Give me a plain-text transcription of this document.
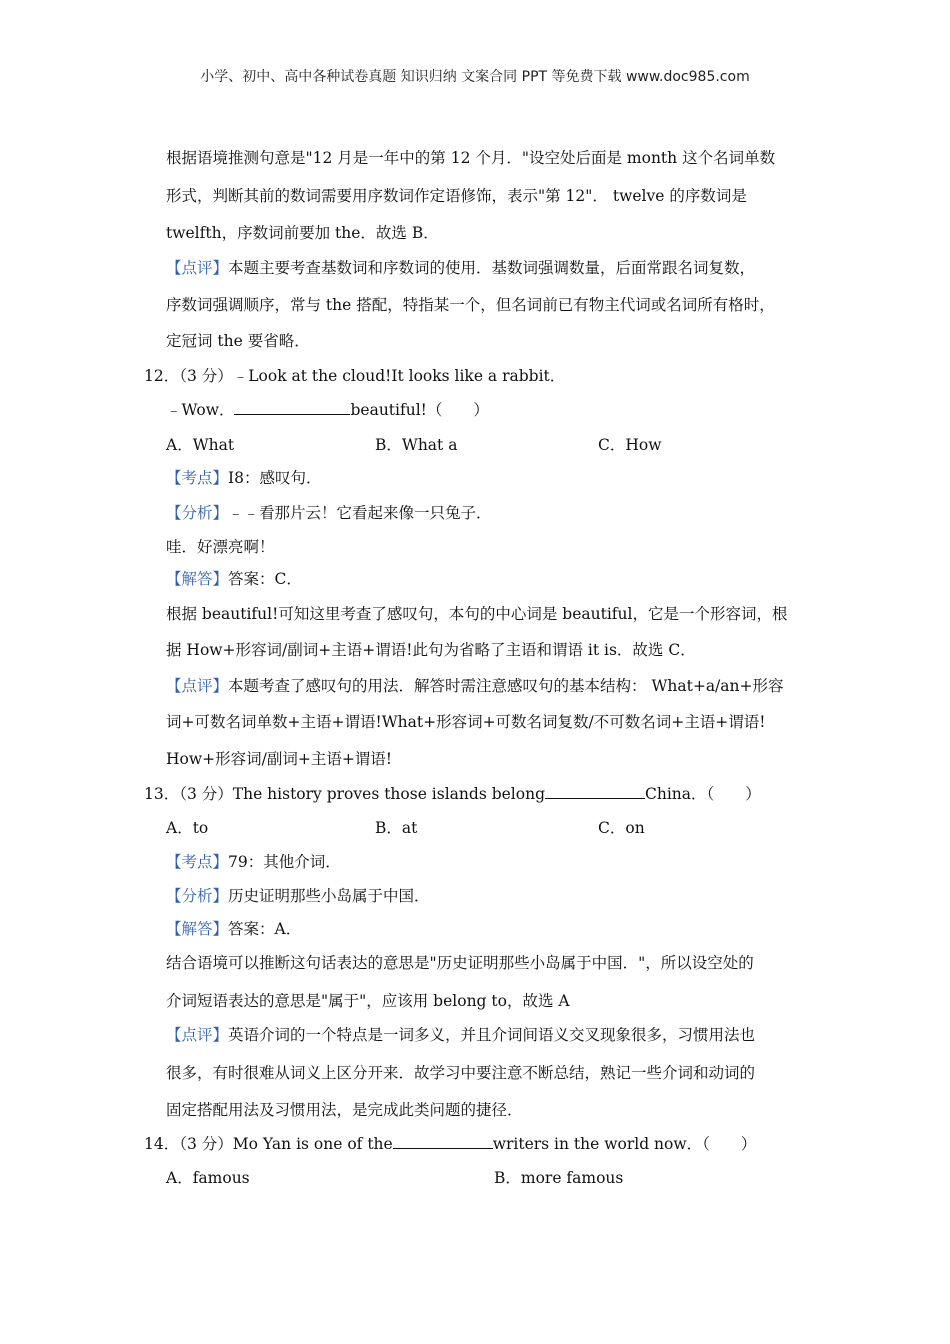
小学、初中、高中各种试卷真题 知识归纳 文案合同 PPT 等免费下载 www.doc985.com
根据语境推测句意是"12 月是一年中的第 12 个月．"设空处后面是 month 这个名词单数
形式，判断其前的数词需要用序数词作定语修饰，表示"第 12"． twelve 的序数词是
twelfth，序数词前要加 the．故选 B．
【点评】本题主要考查基数词和序数词的使用．基数词强调数量，后面常跟名词复数，
序数词强调顺序，常与 the 搭配，特指某一个，但名词前已有物主代词或名词所有格时，
定冠词 the 要省略．
12．（3 分）﹣Look at the cloud!It looks like a rabbit．
﹣Wow．	beautiful!（　　）
A．What	B．What a	C．How
【考点】I8：感叹句．
【分析】﹣﹣看那片云！它看起来像一只兔子．
哇．好漂亮啊！
【解答】答案：C．
根据 beautiful!可知这里考查了感叹句，本句的中心词是 beautiful，它是一个形容词，根
据 How+形容词/副词+主语+谓语!此句为省略了主语和谓语 it is．故选 C．
【点评】本题考查了感叹句的用法．解答时需注意感叹句的基本结构： What+a/an+形容
词+可数名词单数+主语+谓语!What+形容词+可数名词复数/不可数名词+主语+谓语!
How+形容词/副词+主语+谓语!
13．（3 分）The history proves those islands belong	China．（　　）
A．to	B．at	C．on
【考点】79：其他介词．
【分析】历史证明那些小岛属于中国．
【解答】答案：A．
结合语境可以推断这句话表达的意思是"历史证明那些小岛属于中国．"，所以设空处的
介词短语表达的意思是"属于"，应该用 belong to，故选 A
【点评】英语介词的一个特点是一词多义，并且介词间语义交叉现象很多，习惯用法也
很多，有时很难从词义上区分开来．故学习中要注意不断总结，熟记一些介词和动词的
固定搭配用法及习惯用法，是完成此类问题的捷径．
14．（3 分）Mo Yan is one of the	writers in the world now．（　　）
A．famous	B．more famous
